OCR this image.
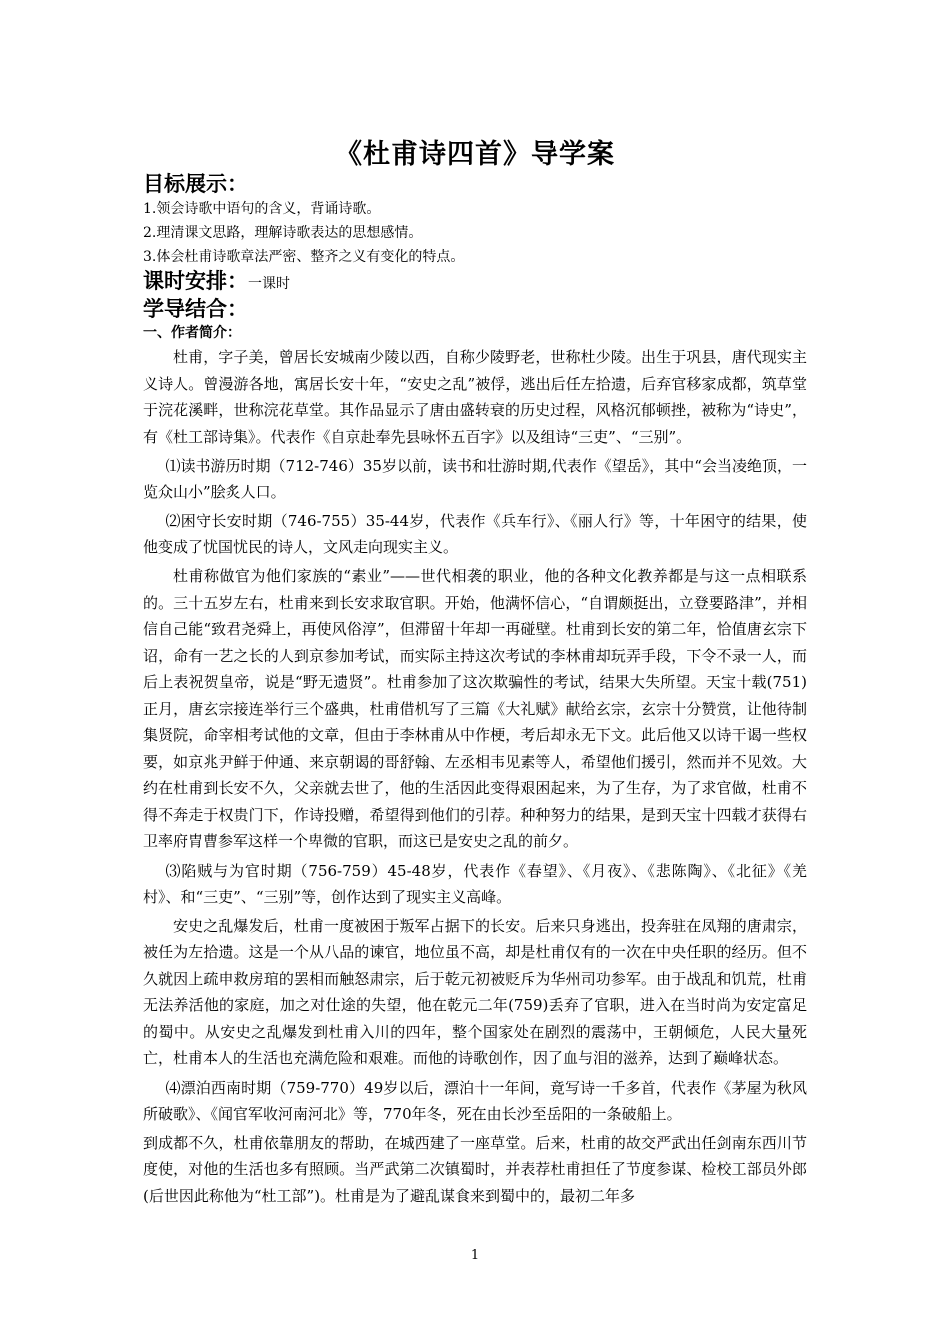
《杜甫诗四首》导学案

目标展示：

1.领会诗歌中语句的含义，背诵诗歌。

2.理清课文思路，理解诗歌表达的思想感情。

3.体会杜甫诗歌章法严密、整齐之义有变化的特点。

课时安排：一课时

学导结合：

一、作者简介：

杜甫，字子美，曾居长安城南少陵以西，自称少陵野老，世称杜少陵。出生于巩县，唐代现实主义诗人。曾漫游各地，寓居长安十年，“安史之乱”被俘，逃出后任左拾遗，后弃官移家成都，筑草堂于浣花溪畔，世称浣花草堂。其作品显示了唐由盛转衰的历史过程，风格沉郁顿挫，被称为“诗史”，有《杜工部诗集》。代表作《自京赴奉先县咏怀五百字》以及组诗“三吏”、“三别”。

⑴读书游历时期（712-746）35岁以前，读书和壮游时期,代表作《望岳》，其中“会当凌绝顶，一览众山小”脍炙人口。

⑵困守长安时期（746-755）35-44岁，代表作《兵车行》、《丽人行》等，十年困守的结果，使他变成了忧国忧民的诗人，文风走向现实主义。

杜甫称做官为他们家族的“素业”——世代相袭的职业，他的各种文化教养都是与这一点相联系的。三十五岁左右，杜甫来到长安求取官职。开始，他满怀信心，“自谓颇挺出，立登要路津”，并相信自己能“致君尧舜上，再使风俗淳”，但滞留十年却一再碰壁。杜甫到长安的第二年，恰值唐玄宗下诏，命有一艺之长的人到京参加考试，而实际主持这次考试的李林甫却玩弄手段，下令不录一人，而后上表祝贺皇帝，说是“野无遗贤”。杜甫参加了这次欺骗性的考试，结果大失所望。天宝十载(751)正月，唐玄宗接连举行三个盛典，杜甫借机写了三篇《大礼赋》献给玄宗，玄宗十分赞赏，让他待制集贤院，命宰相考试他的文章，但由于李林甫从中作梗，考后却永无下文。此后他又以诗干谒一些权要，如京兆尹鲜于仲通、来京朝谒的哥舒翰、左丞相韦见素等人，希望他们援引，然而并不见效。大约在杜甫到长安不久，父亲就去世了，他的生活因此变得艰困起来，为了生存，为了求官做，杜甫不得不奔走于权贵门下，作诗投赠，希望得到他们的引荐。种种努力的结果，是到天宝十四载才获得右卫率府胄曹参军这样一个卑微的官职，而这已是安史之乱的前夕。

⑶陷贼与为官时期（756-759）45-48岁，代表作《春望》、《月夜》、《悲陈陶》、《北征》《羌村》、和“三吏”、“三别”等，创作达到了现实主义高峰。

安史之乱爆发后，杜甫一度被困于叛军占据下的长安。后来只身逃出，投奔驻在凤翔的唐肃宗，被任为左拾遗。这是一个从八品的谏官，地位虽不高，却是杜甫仅有的一次在中央任职的经历。但不久就因上疏申救房琯的罢相而触怒肃宗，后于乾元初被贬斥为华州司功参军。由于战乱和饥荒，杜甫无法养活他的家庭，加之对仕途的失望，他在乾元二年(759)丢弃了官职，进入在当时尚为安定富足的蜀中。从安史之乱爆发到杜甫入川的四年，整个国家处在剧烈的震荡中，王朝倾危，人民大量死亡，杜甫本人的生活也充满危险和艰难。而他的诗歌创作，因了血与泪的滋养，达到了巅峰状态。

⑷漂泊西南时期（759-770）49岁以后，漂泊十一年间，竟写诗一千多首，代表作《茅屋为秋风所破歌》、《闻官军收河南河北》等，770年冬，死在由长沙至岳阳的一条破船上。

到成都不久，杜甫依靠朋友的帮助，在城西建了一座草堂。后来，杜甫的故交严武出任剑南东西川节度使，对他的生活也多有照顾。当严武第二次镇蜀时，并表荐杜甫担任了节度参谋、检校工部员外郎(后世因此称他为“杜工部”)。杜甫是为了避乱谋食来到蜀中的，最初二年多

1
